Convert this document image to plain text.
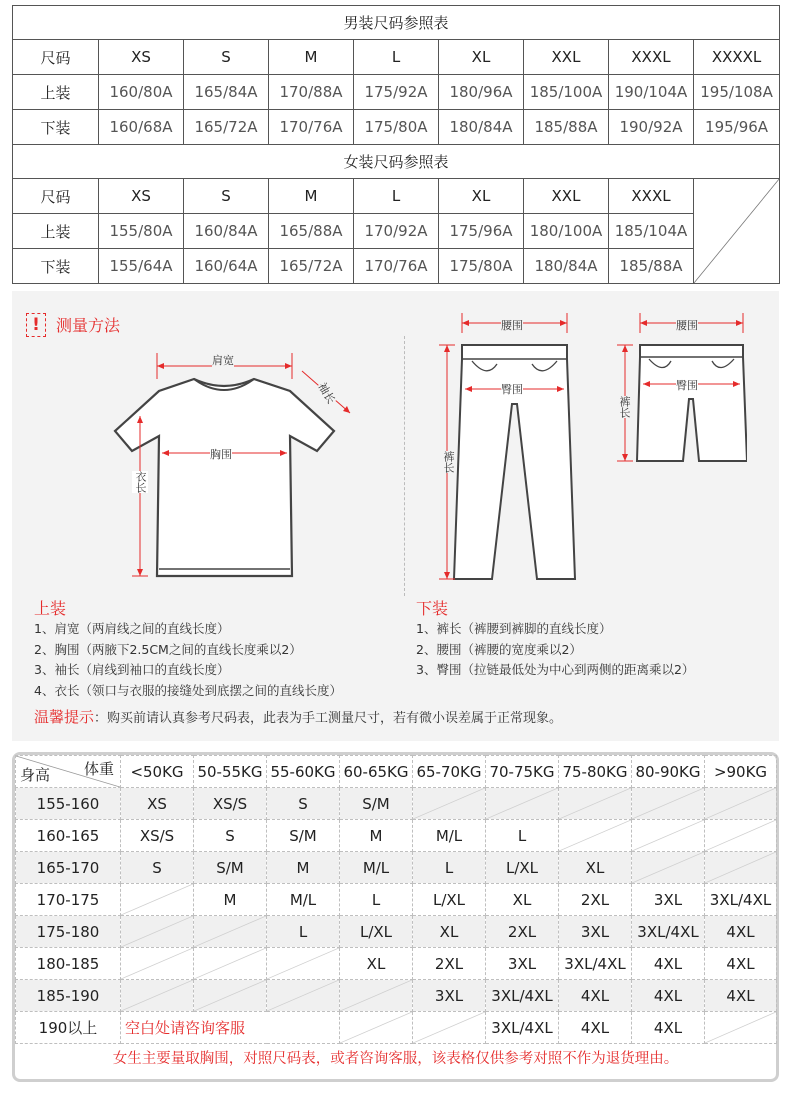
男装尺码参照表								
尺码	XS	S	M	L	XL	XXL	XXXL	XXXXL
上装	160/80A	165/84A	170/88A	175/92A	180/96A	185/100A	190/104A	195/108A
下装	160/68A	165/72A	170/76A	175/80A	180/84A	185/88A	190/92A	195/96A
女装尺码参照表								
尺码	XS	S	M	L	XL	XXL	XXXL	

上装	155/80A	160/84A	165/88A	170/92A	175/96A	180/100A	185/104A	
下装	155/64A	160/64A	165/72A	170/76A	175/80A	180/84A	185/88A	
!	测量方法
肩宽
胸围
衣长
袖长
腰围
臀围
裤长
腰围
臀围
裤长
上装
1、肩宽（两肩线之间的直线长度）
2、胸围（两腋下2.5CM之间的直线长度乘以2）
3、袖长（肩线到袖口的直线长度）
4、衣长（领口与衣服的接缝处到底摆之间的直线长度）
下装
1、裤长（裤腰到裤脚的直线长度）
2、腰围（裤腰的宽度乘以2）
3、臀围（拉链最低处为中心到两侧的距离乘以2）
温馨提示：购买前请认真参考尺码表，此表为手工测量尺寸，若有微小误差属于正常现象。
体重
身高	<50KG	50-55KG	55-60KG	60-65KG	65-70KG	70-75KG	75-80KG	80-90KG	>90KG
155-160	XS	XS/S	S	S/M	

160-165	XS/S	S	S/M	M	M/L	L	

165-170	S	S/M	M	M/L	L	L/XL	XL	

170-175		M	M/L	L	L/XL	XL	2XL	3XL	3XL/4XL
175-180			L	L/XL	XL	2XL	3XL	3XL/4XL	4XL
180-185				XL	2XL	3XL	3XL/4XL	4XL	4XL
185-190					3XL	3XL/4XL	4XL	4XL	4XL
190以上	空白处请咨询客服					3XL/4XL	4XL	4XL	
女生主要量取胸围，对照尺码表，或者咨询客服，该表格仅供参考对照不作为退货理由。
